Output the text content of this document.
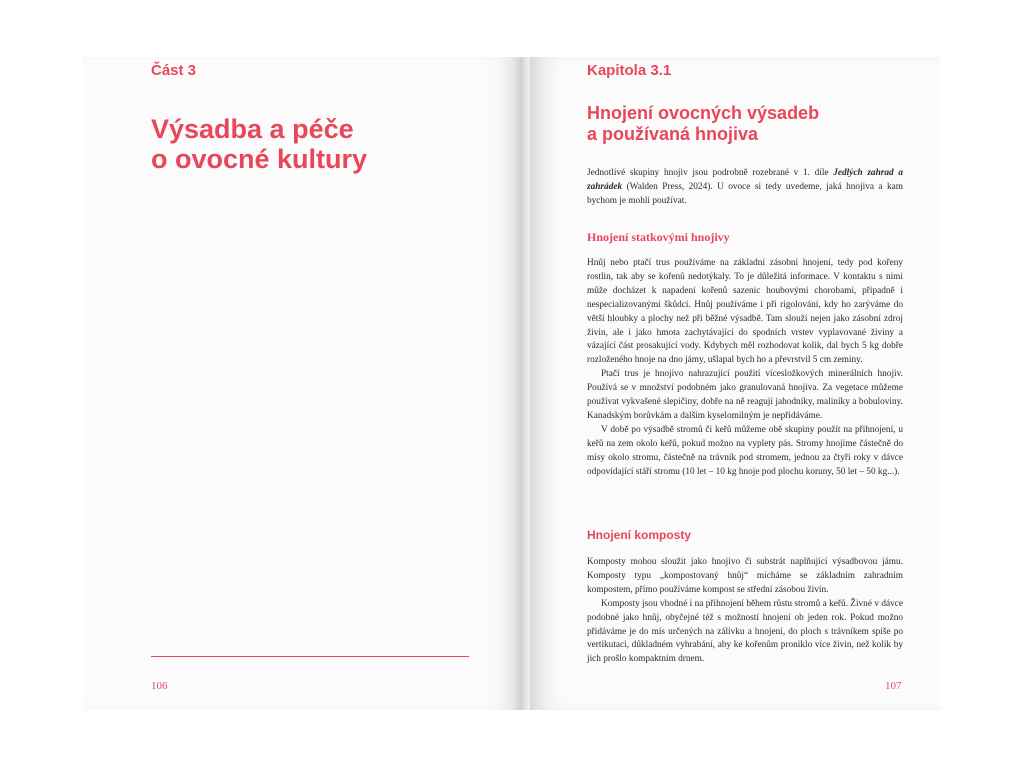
Část 3
Výsadba a péče
o ovocné kultury
106
Kapitola 3.1
Hnojení ovocných výsadeb
a používaná hnojiva

Jednotlivé skupiny hnojiv jsou podrobně rozebrané v 1. díle Jedlých zahrad a zahrádek (Walden Press, 2024). U ovoce si tedy uvedeme, jaká hnojiva a kam bychom je mohli používat.

Hnojení statkovými hnojivy

Hnůj nebo ptačí trus používáme na základní zásobní hnojení, tedy pod kořeny rostlin, tak aby se kořenů nedotýkaly. To je důležitá informace. V kontaktu s nimi může docházet k napadení kořenů sazenic houbovými chorobami, případně i nespecializovanými škůdci. Hnůj používáme i při rigolování, kdy ho zarýváme do větší hloubky a plochy než při běžné výsadbě. Tam slouží nejen jako zásobní zdroj živin, ale i jako hmota zachytávající do spodních vrstev vyplavované živiny a vázající část prosakující vody. Kdybych měl rozhodovat kolik, dal bych 5 kg dobře rozloženého hnoje na dno jámy, ušlapal bych ho a převrstvil 5 cm zeminy.

Ptačí trus je hnojivo nahrazující použití vícesložkových minerálních hnojiv. Používá se v množství podobném jako granulovaná hnojiva. Za vegetace můžeme používat vykvašené slepičiny, dobře na ně reagují jahodníky, maliníky a bobuloviny. Kanadským borůvkám a dalším kyselomilným je nepřidáváme.

V době po výsadbě stromů či keřů můžeme obě skupiny použít na přihnojení, u keřů na zem okolo keřů, pokud možno na vyplety pás. Stromy hnojíme částečně do mísy okolo stromu, částečně na trávník pod stromem, jednou za čtyři roky v dávce odpovídající stáří stromu (10 let – 10 kg hnoje pod plochu koruny, 50 let – 50 kg...).

Hnojení komposty

Komposty mohou sloužit jako hnojivo či substrát naplňující výsadbovou jámu. Komposty typu „kompostovaný hnůj“ mícháme se základním zahradním kompostem, přímo používáme kompost se střední zásobou živin.

Komposty jsou vhodné i na přihnojení během růstu stromů a keřů. Živné v dávce podobné jako hnůj, obyčejné též s možností hnojení ob jeden rok. Pokud možno přidáváme je do mís určených na zálivku a hnojení, do ploch s trávníkem spíše po vertikutaci, důkladném vyhrabání, aby ke kořenům proniklo více živin, než kolik by jich prošlo kompaktním drnem.

107
